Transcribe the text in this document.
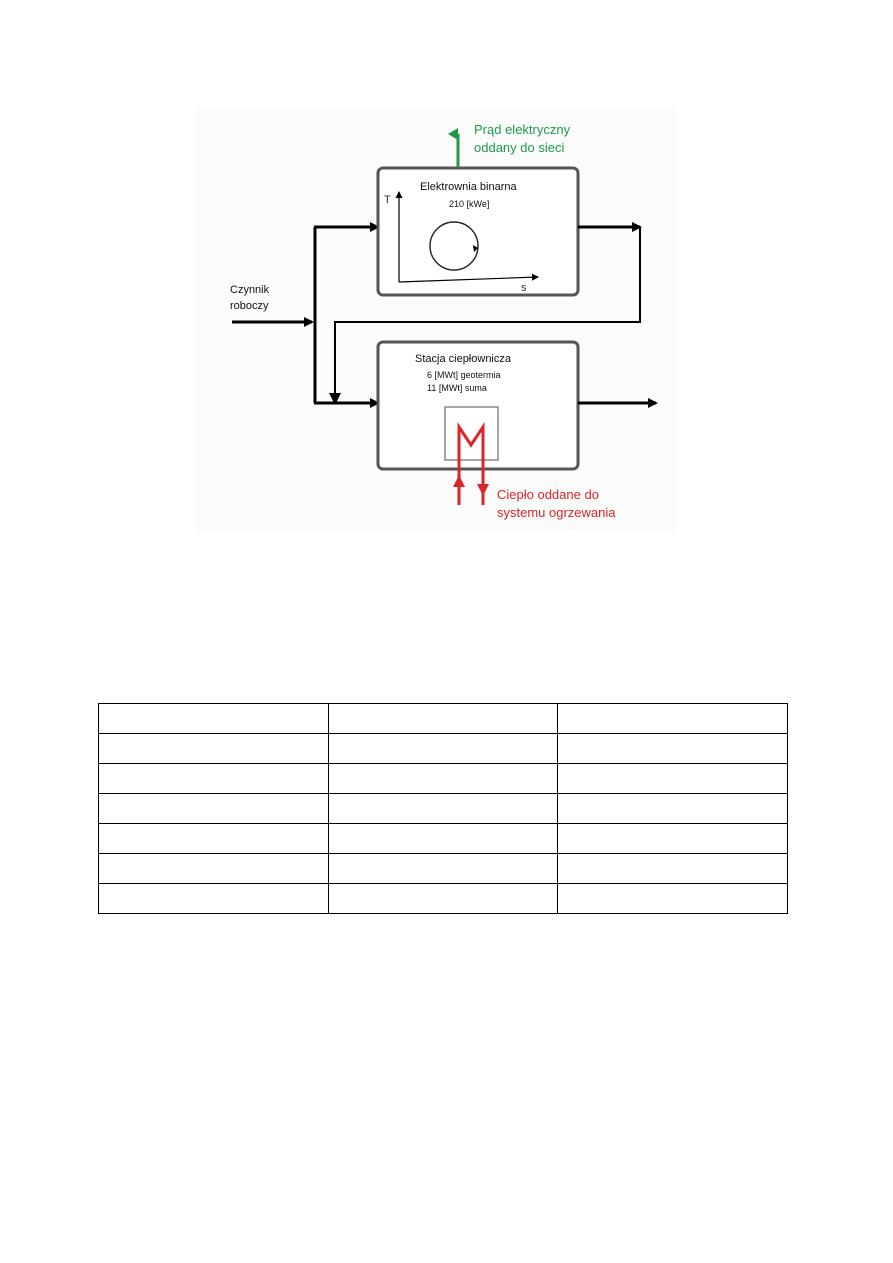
T
s
Elektrownia binarna
210 [kWe]
Prąd elektryczny
oddany do sieci
Stacja ciepłownicza
6 [MWt] geotermia
11 [MWt] suma
Ciepło oddane do
systemu ogrzewania
Czynnik
roboczy
